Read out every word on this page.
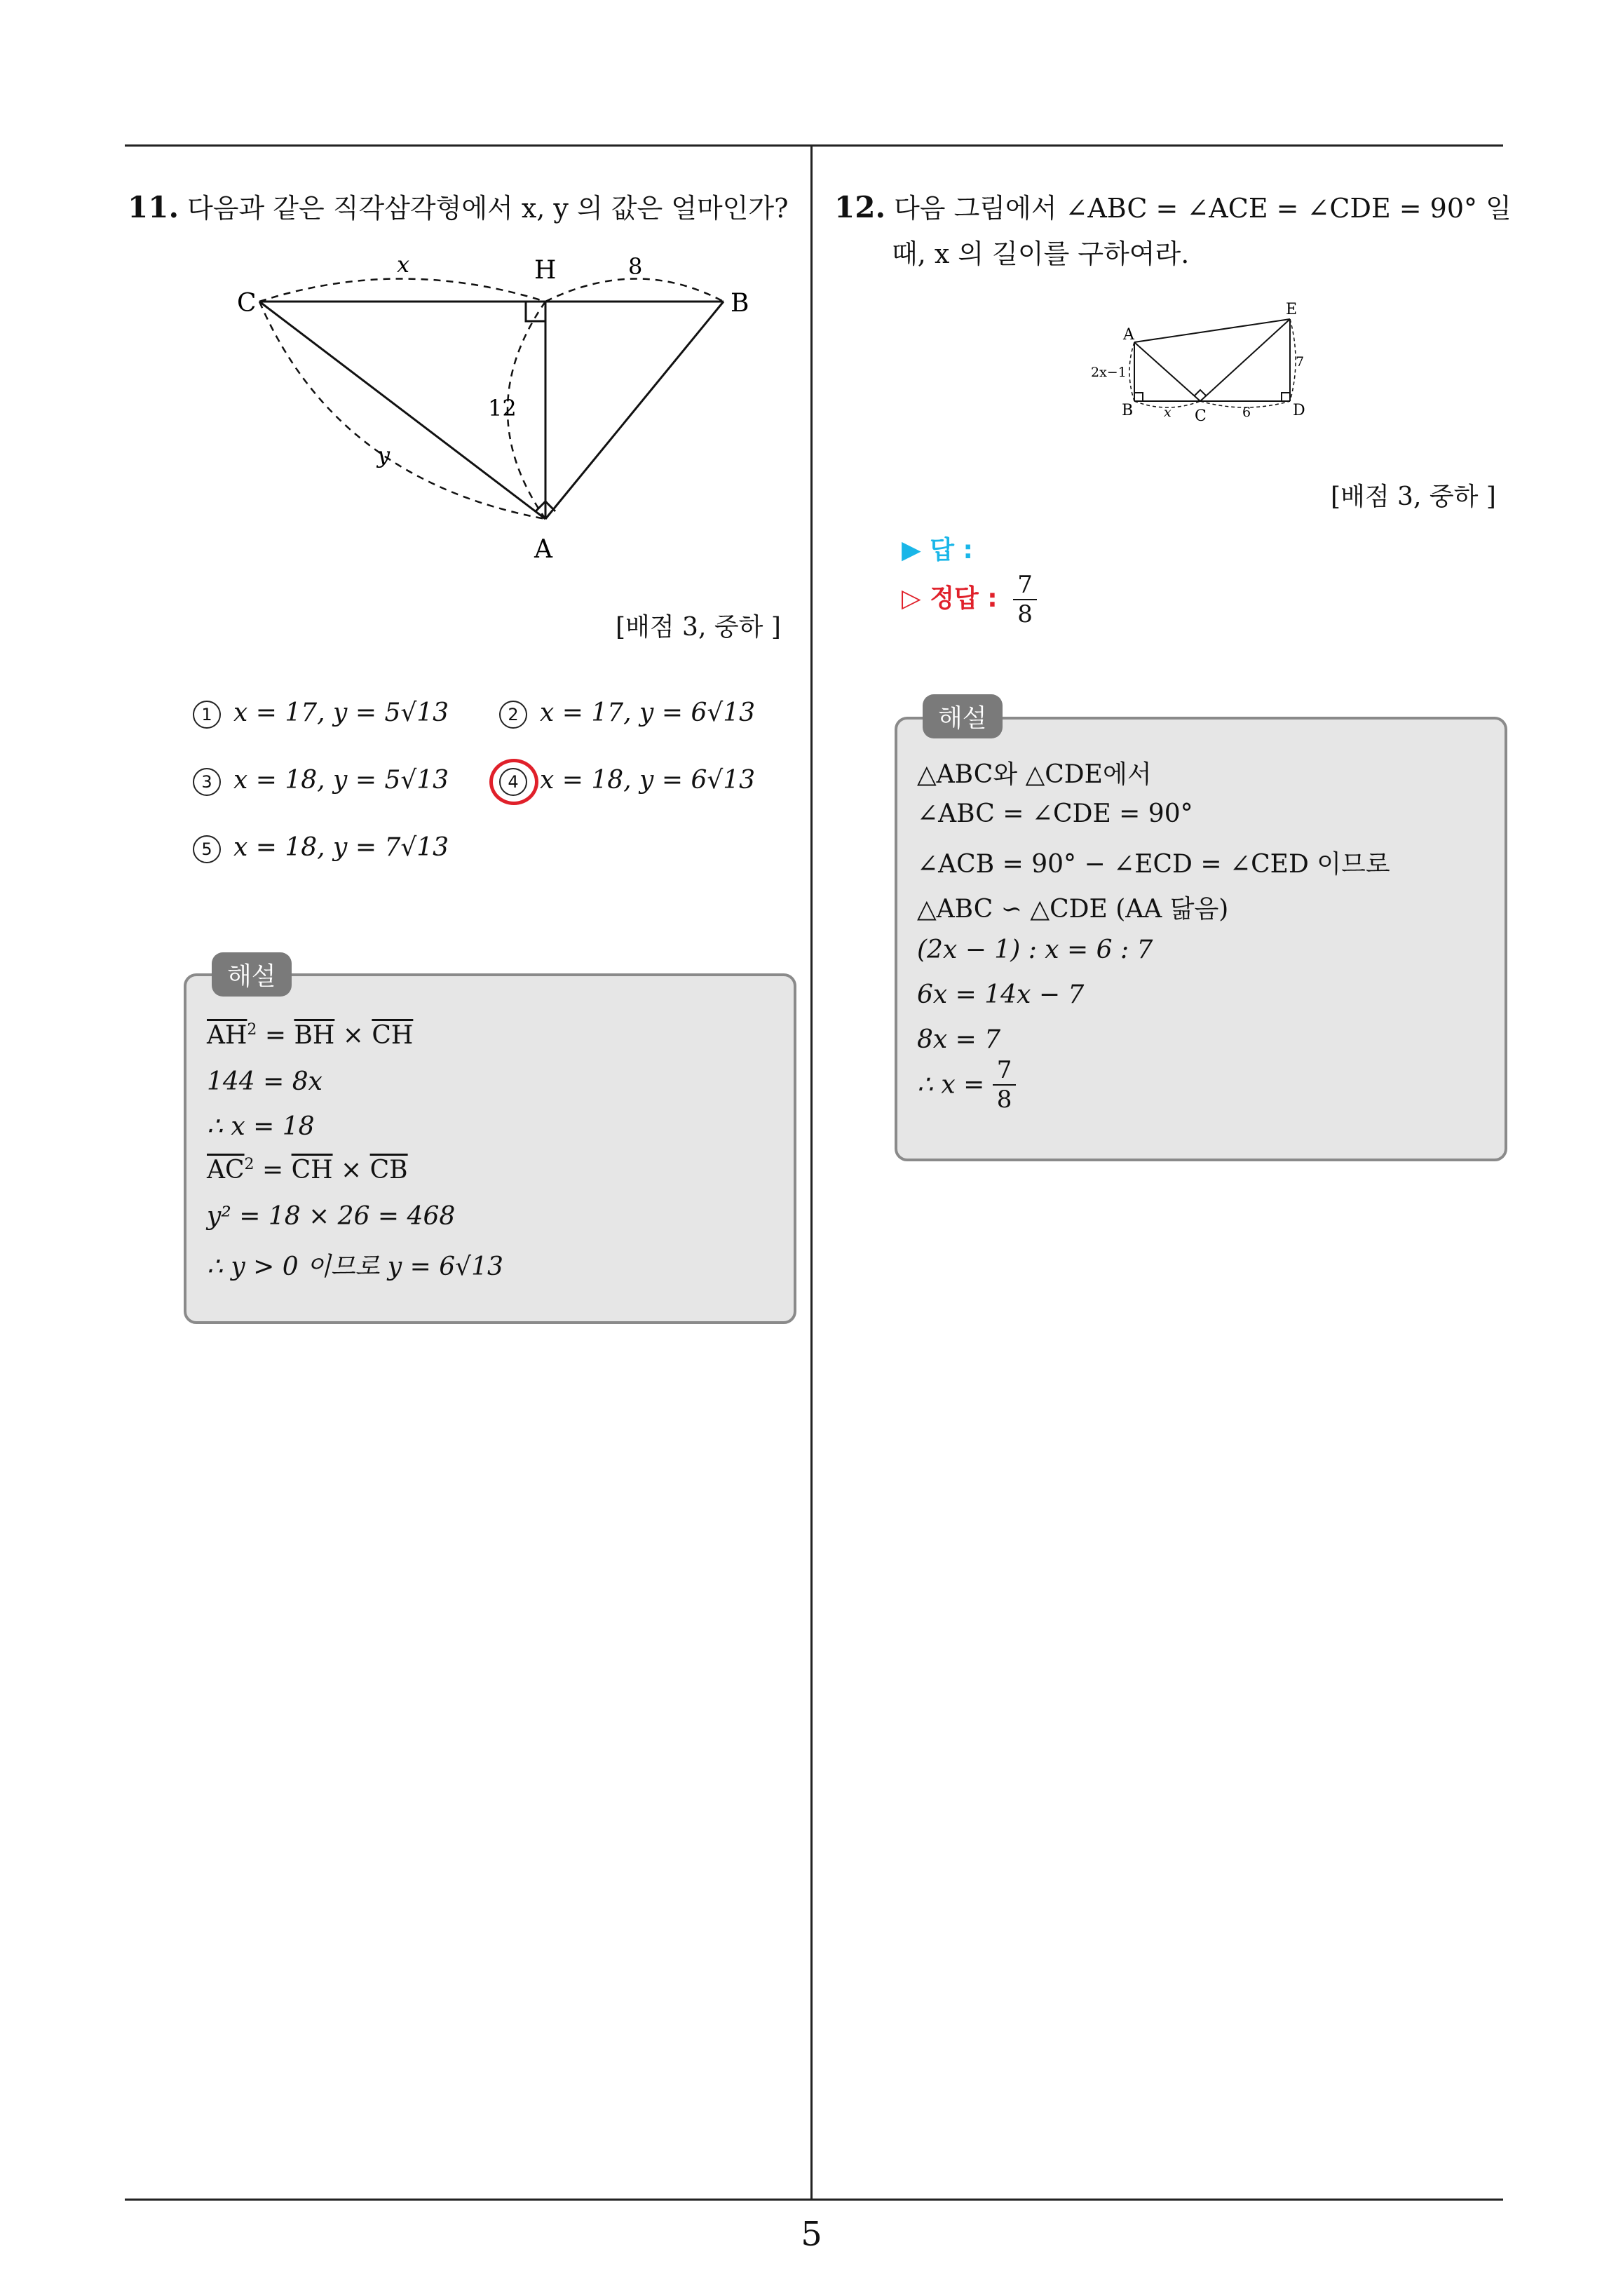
11. 다음과 같은 직각삼각형에서 x, y 의 값은 얼마인가?
C
H
B
A
x	8
12
y
[배점 3, 중하 ]
1 x = 17, y = 5√13	2 x = 17, y = 6√13
3 x = 18, y = 5√13	4 x = 18, y = 6√13
5 x = 18, y = 7√13
해설
$\overline{AH}^2 = \overline{BH} \times \overline{CH}$
144 = 8x
∴ x = 18
$\overline{AC}^2 = \overline{CH} \times \overline{CB}$
y² = 18 × 26 = 468
∴ y > 0 이므로 y = 6√13
12. 다음 그림에서 ∠ABC = ∠ACE = ∠CDE = 90° 일
때, x 의 길이를 구하여라.
A
E
B	C	D
2x−1
7
x	6
[배점 3, 중하 ]
▶ 답 :
▷ 정답 : $\frac{7}{8}$
해설
△ABC와 △CDE에서
∠ABC = ∠CDE = 90°
∠ACB = 90° − ∠ECD = ∠CED 이므로
△ABC ∽ △CDE (AA 닮음)
(2x − 1) : x = 6 : 7
6x = 14x − 7
8x = 7
∴ $x = \frac{7}{8}$
5
